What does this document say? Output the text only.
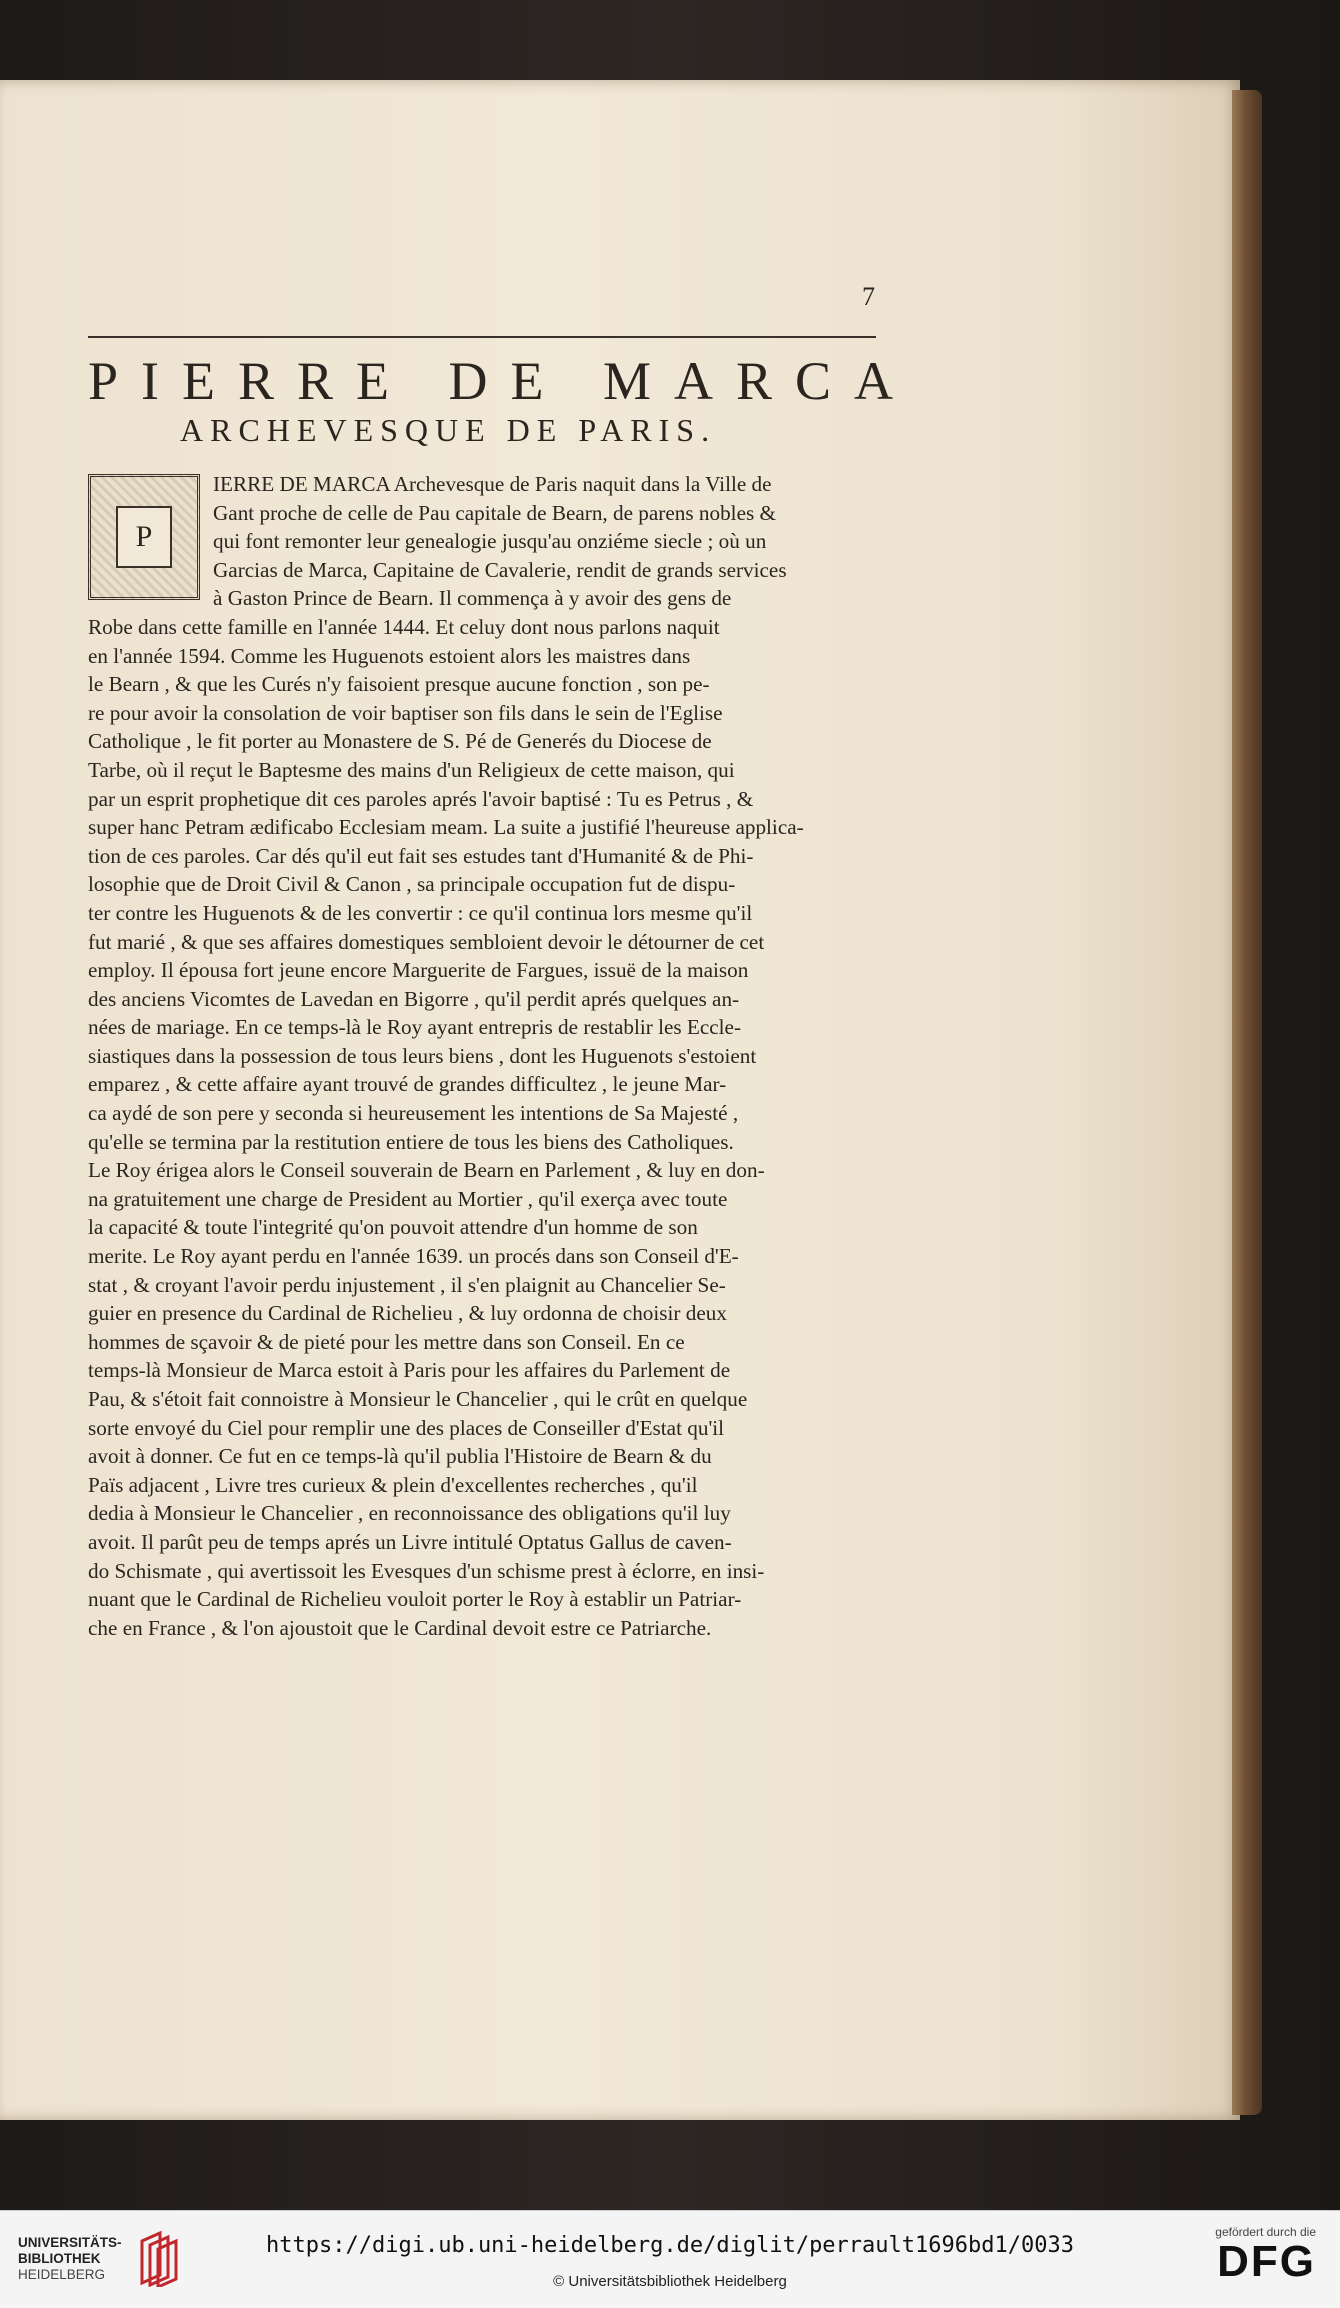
7
PIERRE DE MARCA
ARCHEVESQUE DE PARIS.
P
IERRE DE MARCA Archevesque de Paris naquit dans la Ville de
Gant proche de celle de Pau capitale de Bearn, de parens nobles &
qui font remonter leur genealogie jusqu'au onziéme siecle ; où un
Garcias de Marca, Capitaine de Cavalerie, rendit de grands services
à Gaston Prince de Bearn. Il commença à y avoir des gens de
Robe dans cette famille en l'année 1444. Et celuy dont nous parlons naquit
en l'année 1594. Comme les Huguenots estoient alors les maistres dans
le Bearn , & que les Curés n'y faisoient presque aucune fonction , son pe-
re pour avoir la consolation de voir baptiser son fils dans le sein de l'Eglise
Catholique , le fit porter au Monastere de S. Pé de Generés du Diocese de
Tarbe, où il reçut le Baptesme des mains d'un Religieux de cette maison, qui
par un esprit prophetique dit ces paroles aprés l'avoir baptisé : Tu es Petrus , &
super hanc Petram ædificabo Ecclesiam meam. La suite a justifié l'heureuse applica-
tion de ces paroles. Car dés qu'il eut fait ses estudes tant d'Humanité & de Phi-
losophie que de Droit Civil & Canon , sa principale occupation fut de dispu-
ter contre les Huguenots & de les convertir : ce qu'il continua lors mesme qu'il
fut marié , & que ses affaires domestiques sembloient devoir le détourner de cet
employ. Il épousa fort jeune encore Marguerite de Fargues, issuë de la maison
des anciens Vicomtes de Lavedan en Bigorre , qu'il perdit aprés quelques an-
nées de mariage. En ce temps-là le Roy ayant entrepris de restablir les Eccle-
siastiques dans la possession de tous leurs biens , dont les Huguenots s'estoient
emparez , & cette affaire ayant trouvé de grandes difficultez , le jeune Mar-
ca aydé de son pere y seconda si heureusement les intentions de Sa Majesté ,
qu'elle se termina par la restitution entiere de tous les biens des Catholiques.
Le Roy érigea alors le Conseil souverain de Bearn en Parlement , & luy en don-
na gratuitement une charge de President au Mortier , qu'il exerça avec toute
la capacité & toute l'integrité qu'on pouvoit attendre d'un homme de son
merite. Le Roy ayant perdu en l'année 1639. un procés dans son Conseil d'E-
stat , & croyant l'avoir perdu injustement , il s'en plaignit au Chancelier Se-
guier en presence du Cardinal de Richelieu , & luy ordonna de choisir deux
hommes de sçavoir & de pieté pour les mettre dans son Conseil. En ce
temps-là Monsieur de Marca estoit à Paris pour les affaires du Parlement de
Pau, & s'étoit fait connoistre à Monsieur le Chancelier , qui le crût en quelque
sorte envoyé du Ciel pour remplir une des places de Conseiller d'Estat qu'il
avoit à donner. Ce fut en ce temps-là qu'il publia l'Histoire de Bearn & du
Païs adjacent , Livre tres curieux & plein d'excellentes recherches , qu'il
dedia à Monsieur le Chancelier , en reconnoissance des obligations qu'il luy
avoit. Il parût peu de temps aprés un Livre intitulé Optatus Gallus de caven-
do Schismate , qui avertissoit les Evesques d'un schisme prest à éclorre, en insi-
nuant que le Cardinal de Richelieu vouloit porter le Roy à establir un Patriar-
che en France , & l'on ajoustoit que le Cardinal devoit estre ce Patriarche.
UNIVERSITÄTS-
BIBLIOTHEK
HEIDELBERG
https://digi.ub.uni-heidelberg.de/diglit/perrault1696bd1/0033
© Universitätsbibliothek Heidelberg
gefördert durch die
DFG
